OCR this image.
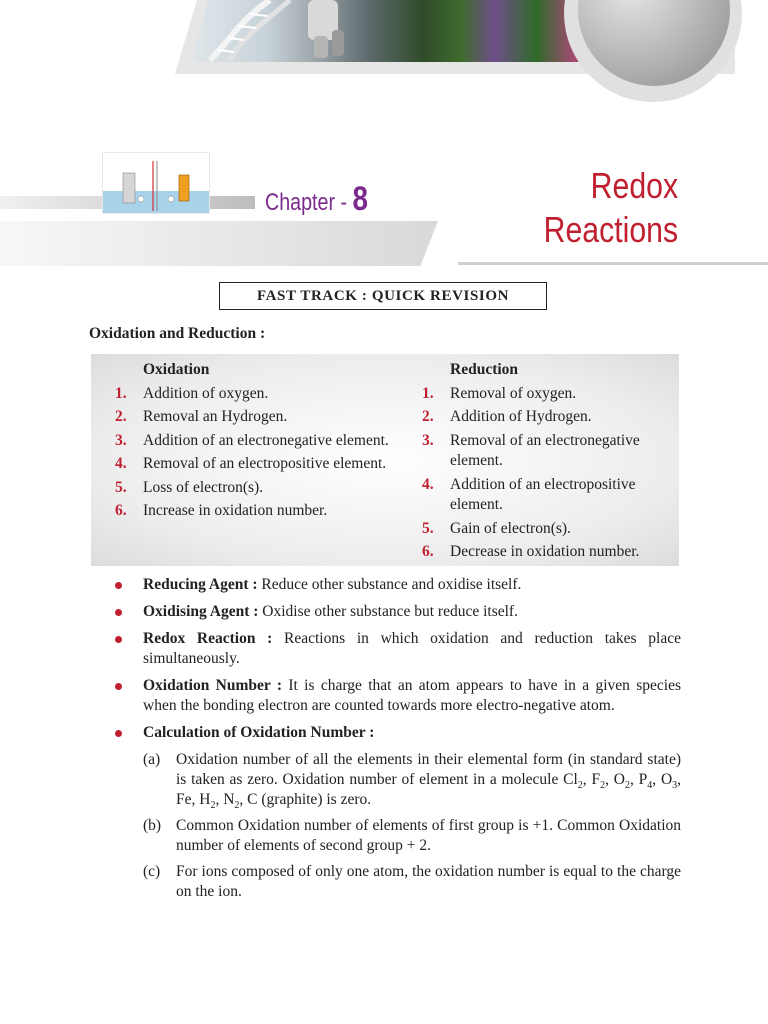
Chapter - 8	Redox
Reactions
FAST TRACK : QUICK REVISION
Oxidation and Reduction :
Oxidation
1. Addition of oxygen.
2. Removal an Hydrogen.
3. Addition of an electronegative element.
4. Removal of an electropositive element.
5. Loss of electron(s).
6. Increase in oxidation number.
Reduction
1. Removal of oxygen.
2. Addition of Hydrogen.
3. Removal of an electronegative element.
4. Addition of an electropositive element.
5. Gain of electron(s).
6. Decrease in oxidation number.
Reducing Agent : Reduce other substance and oxidise itself.
Oxidising Agent : Oxidise other substance but reduce itself.
Redox Reaction : Reactions in which oxidation and reduction takes place simultaneously.
Oxidation Number : It is charge that an atom appears to have in a given species when the bonding electron are counted towards more electro-negative atom.
Calculation of Oxidation Number :
(a) Oxidation number of all the elements in their elemental form (in standard state) is taken as zero. Oxidation number of element in a molecule $Cl_2$, $F_2$, $O_2$, $P_4$, $O_3$, Fe, $H_2$, $N_2$, C (graphite) is zero.
(b) Common Oxidation number of elements of first group is +1. Common Oxidation number of elements of second group + 2.
(c) For ions composed of only one atom, the oxidation number is equal to the charge on the ion.
